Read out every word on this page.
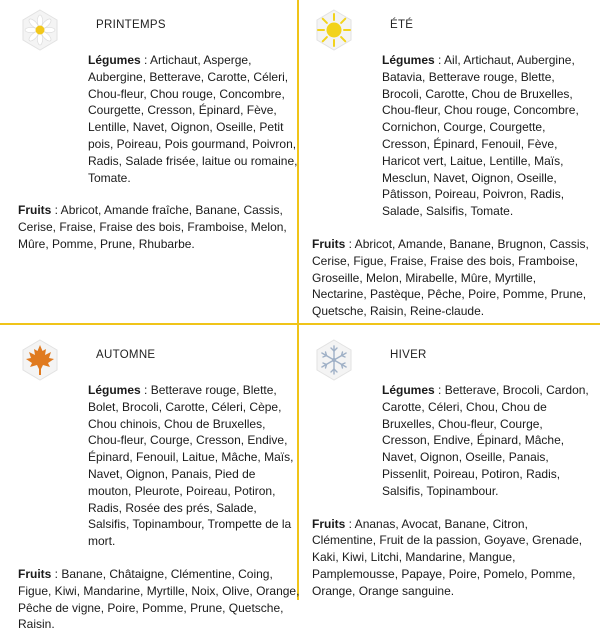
PRINTEMPS

Légumes : Artichaut, Asperge, Aubergine, Betterave, Carotte, Céleri, Chou-fleur, Chou rouge, Concombre, Courgette, Cresson, Épinard, Fève, Lentille, Navet, Oignon, Oseille, Petit pois, Poireau, Pois gourmand, Poivron, Radis, Salade frisée, laitue ou romaine, Tomate.

Fruits : Abricot, Amande fraîche, Banane, Cassis, Cerise, Fraise, Fraise des bois, Framboise, Melon, Mûre, Pomme, Prune, Rhubarbe.

ÉTÉ

Légumes : Ail, Artichaut, Aubergine, Batavia, Betterave rouge, Blette, Brocoli, Carotte, Chou de Bruxelles, Chou-fleur, Chou rouge, Concombre, Cornichon, Courge, Courgette, Cresson, Épinard, Fenouil, Fève, Haricot vert, Laitue, Lentille, Maïs, Mesclun, Navet, Oignon, Oseille, Pâtisson, Poireau, Poivron, Radis, Salade, Salsifis, Tomate.

Fruits : Abricot, Amande, Banane, Brugnon, Cassis, Cerise, Figue, Fraise, Fraise des bois, Framboise, Groseille, Melon, Mirabelle, Mûre, Myrtille, Nectarine, Pastèque, Pêche, Poire, Pomme, Prune, Quetsche, Raisin, Reine-claude.

AUTOMNE

Légumes : Betterave rouge, Blette, Bolet, Brocoli, Carotte, Céleri, Cèpe, Chou chinois, Chou de Bruxelles, Chou-fleur, Courge, Cresson, Endive, Épinard, Fenouil, Laitue, Mâche, Maïs, Navet, Oignon, Panais, Pied de mouton, Pleurote, Poireau, Potiron, Radis, Rosée des prés, Salade, Salsifis, Topinambour, Trompette de la mort.

Fruits : Banane, Châtaigne, Clémentine, Coing, Figue, Kiwi, Mandarine, Myrtille, Noix, Olive, Orange, Pêche de vigne, Poire, Pomme, Prune, Quetsche, Raisin.

HIVER

Légumes : Betterave, Brocoli, Cardon, Carotte, Céleri, Chou, Chou de Bruxelles, Chou-fleur, Courge, Cresson, Endive, Épinard, Mâche, Navet, Oignon, Oseille, Panais, Pissenlit, Poireau, Potiron, Radis, Salsifis, Topinambour.

Fruits : Ananas, Avocat, Banane, Citron, Clémentine, Fruit de la passion, Goyave, Grenade, Kaki, Kiwi, Litchi, Mandarine, Mangue, Pamplemousse, Papaye, Poire, Pomelo, Pomme, Orange, Orange sanguine.
